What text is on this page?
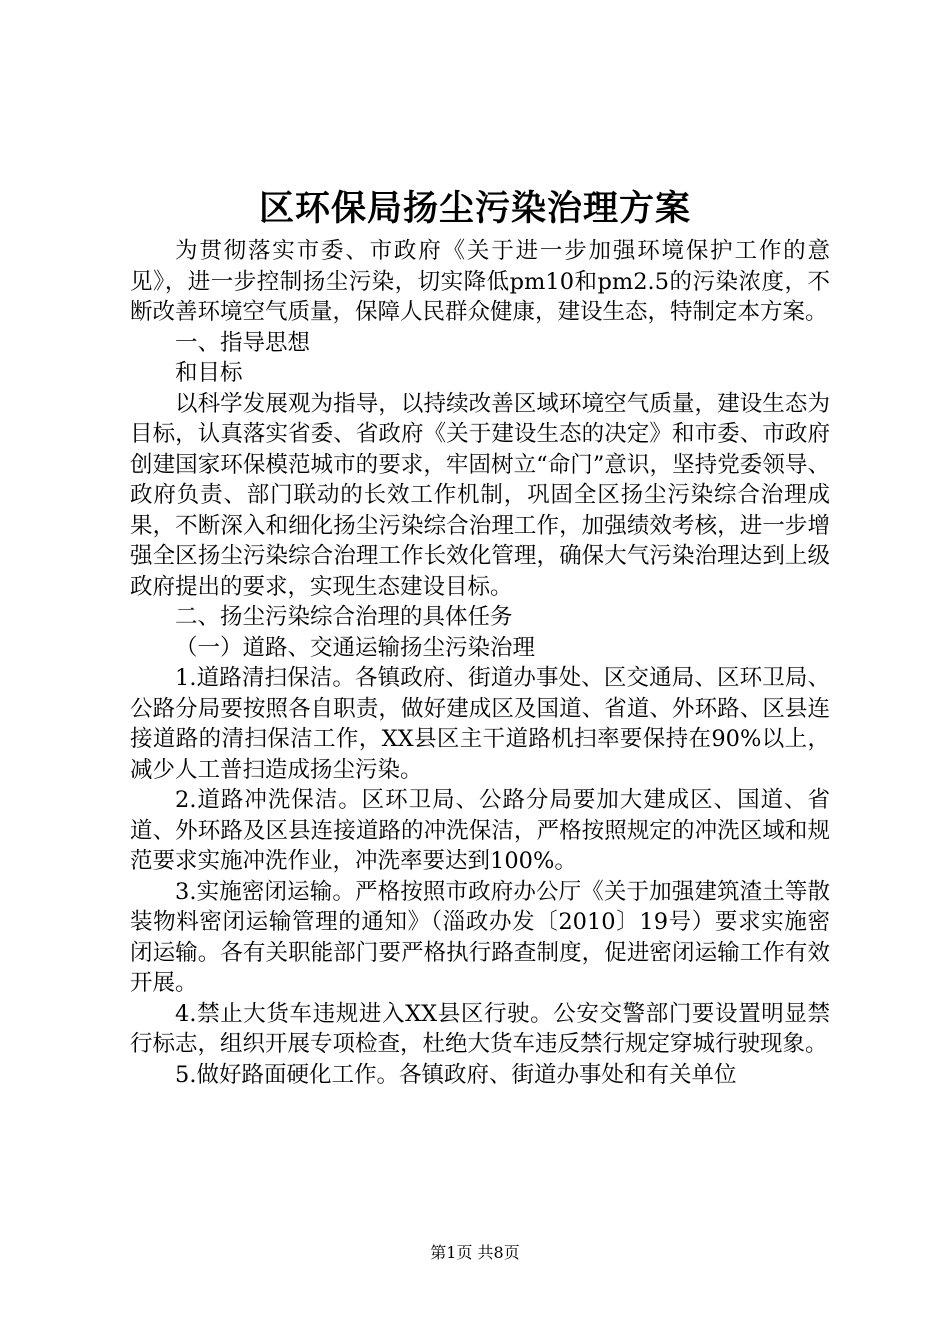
区环保局扬尘污染治理方案

为贯彻落实市委、市政府《关于进一步加强环境保护工作的意见》，进一步控制扬尘污染，切实降低pm10和pm2.5的污染浓度，不断改善环境空气质量，保障人民群众健康，建设生态，特制定本方案。

一、指导思想

和目标

以科学发展观为指导，以持续改善区域环境空气质量，建设生态为目标，认真落实省委、省政府《关于建设生态的决定》和市委、市政府创建国家环保模范城市的要求，牢固树立“命门”意识，坚持党委领导、政府负责、部门联动的长效工作机制，巩固全区扬尘污染综合治理成果，不断深入和细化扬尘污染综合治理工作，加强绩效考核，进一步增强全区扬尘污染综合治理工作长效化管理，确保大气污染治理达到上级政府提出的要求，实现生态建设目标。

二、扬尘污染综合治理的具体任务

（一）道路、交通运输扬尘污染治理

1.道路清扫保洁。各镇政府、街道办事处、区交通局、区环卫局、公路分局要按照各自职责，做好建成区及国道、省道、外环路、区县连接道路的清扫保洁工作，XX县区主干道路机扫率要保持在90%以上，减少人工普扫造成扬尘污染。

2.道路冲洗保洁。区环卫局、公路分局要加大建成区、国道、省道、外环路及区县连接道路的冲洗保洁，严格按照规定的冲洗区域和规范要求实施冲洗作业，冲洗率要达到100%。

3.实施密闭运输。严格按照市政府办公厅《关于加强建筑渣土等散装物料密闭运输管理的通知》（淄政办发〔2010〕19号）要求实施密闭运输。各有关职能部门要严格执行路查制度，促进密闭运输工作有效开展。

4.禁止大货车违规进入XX县区行驶。公安交警部门要设置明显禁行标志，组织开展专项检查，杜绝大货车违反禁行规定穿城行驶现象。

5.做好路面硬化工作。各镇政府、街道办事处和有关单位

第1页 共8页
